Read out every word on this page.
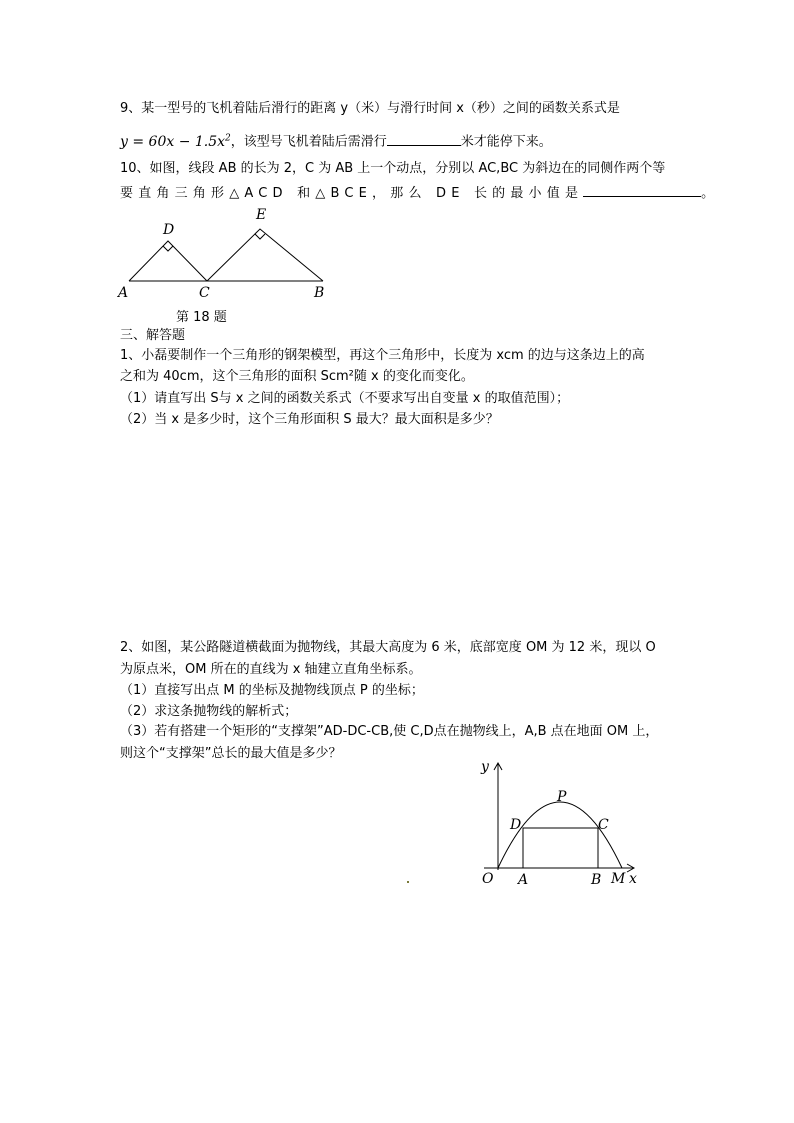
9、某一型号的飞机着陆后滑行的距离 y（米）与滑行时间 x（秒）之间的函数关系式是
$y = 60x - 1.5x^2$，该型号飞机着陆后需滑行	米才能停下来。
10、如图，线段 AB 的长为 2，C 为 AB 上一个动点，分别以 AC,BC 为斜边在的同侧作两个等
要直角三角形△ACD 和△BCE，那么 DE 长的最小值是	。
D
E
A	C	B
第 18 题
三、解答题
1、小磊要制作一个三角形的钢架模型，再这个三角形中，长度为 xcm 的边与这条边上的高
之和为 40cm，这个三角形的面积 Scm²随 x 的变化而变化。
（1）请直写出 S与 x 之间的函数关系式（不要求写出自变量 x 的取值范围）；
（2）当 x 是多少时，这个三角形面积 S 最大？最大面积是多少？
2、如图，某公路隧道横截面为抛物线，其最大高度为 6 米，底部宽度 OM 为 12 米，现以 O
为原点米，OM 所在的直线为 x 轴建立直角坐标系。
（1）直接写出点 M 的坐标及抛物线顶点 P 的坐标；
（2）求这条抛物线的解析式；
（3）若有搭建一个矩形的“支撑架”AD-DC-CB,使 C,D点在抛物线上，A,B 点在地面 OM 上，
则这个“支撑架”总长的最大值是多少？
y
P
D	C
O A	B M x
